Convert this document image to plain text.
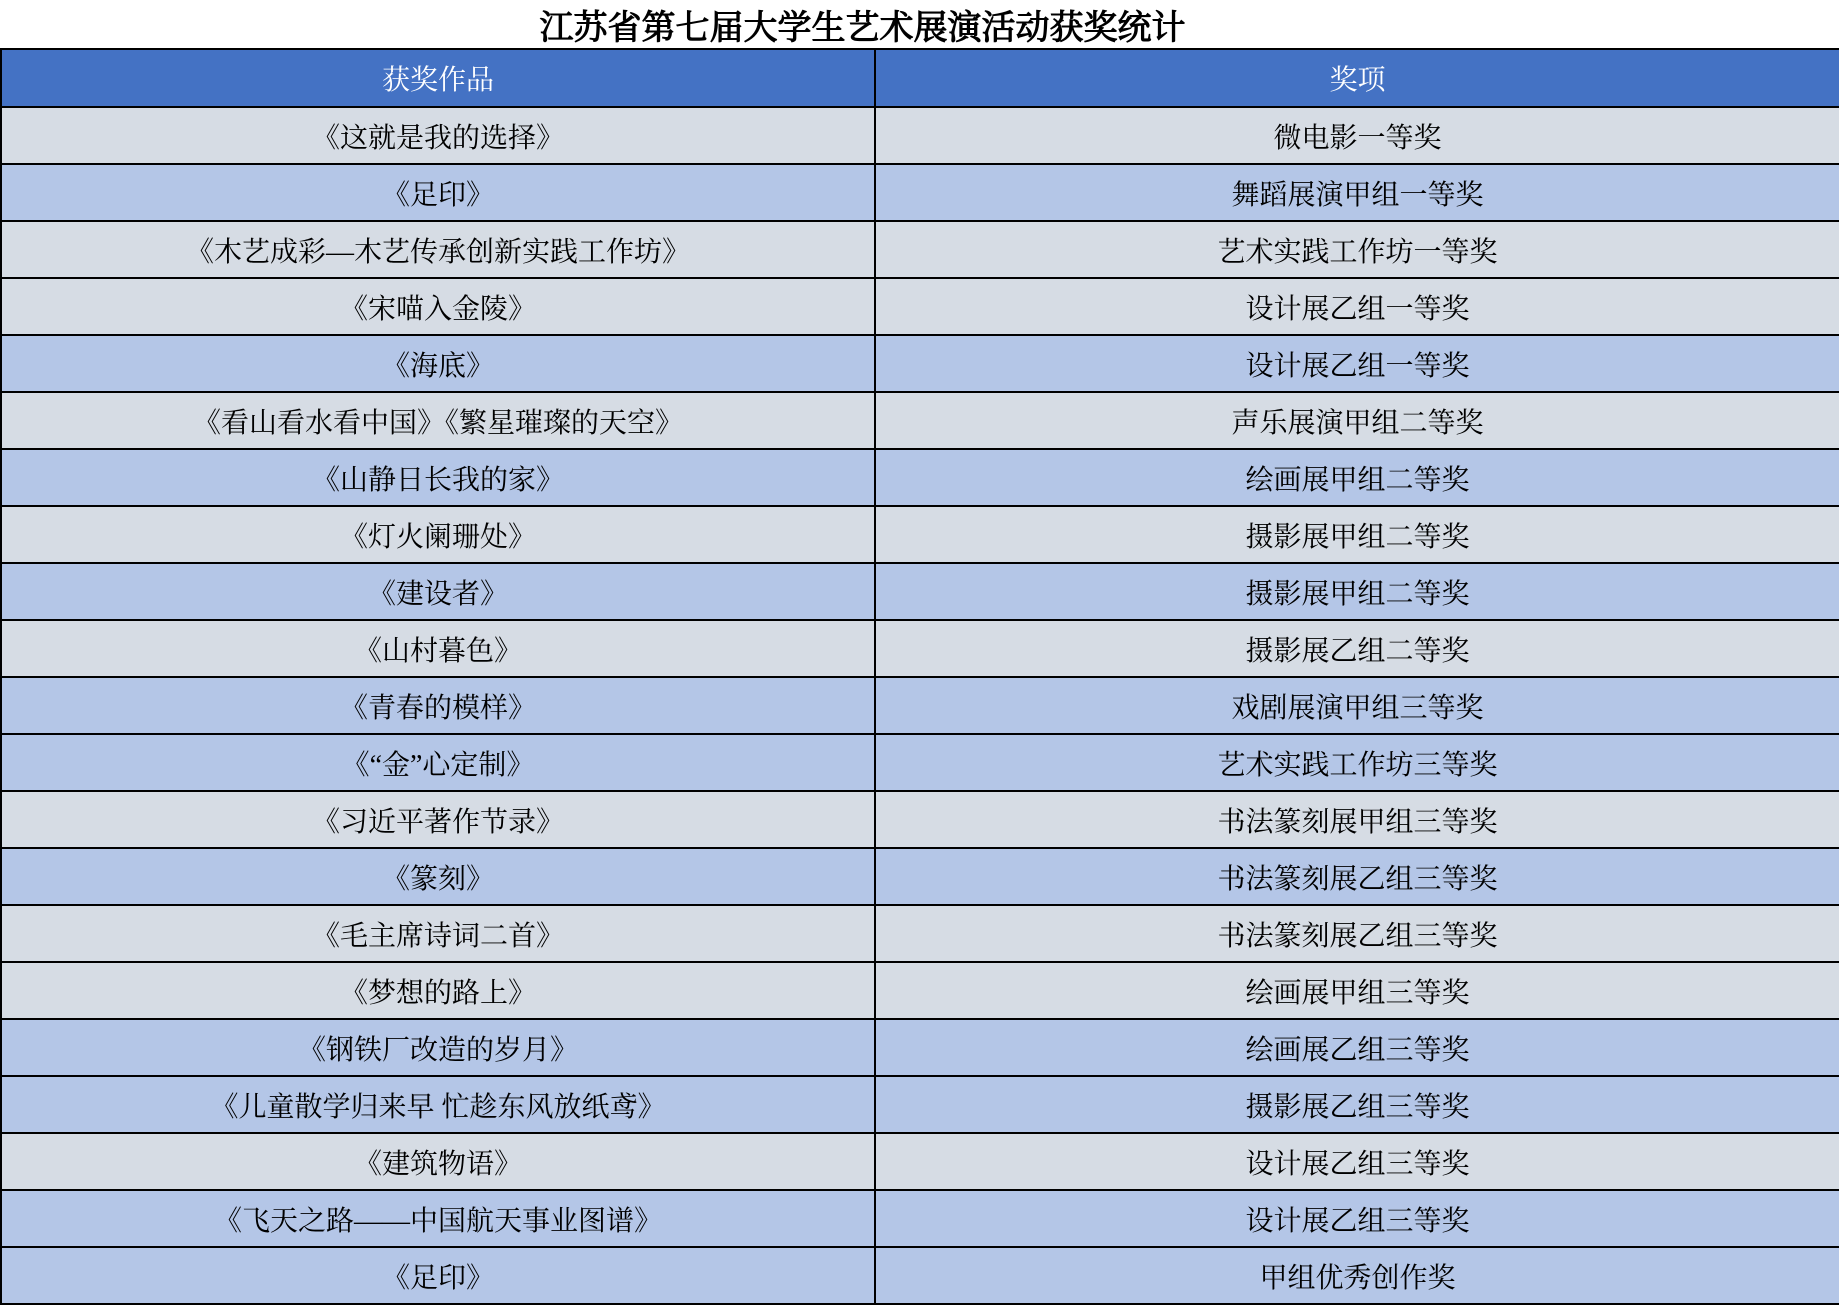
江苏省第七届大学生艺术展演活动获奖统计
获奖作品	奖项
《这就是我的选择》	微电影一等奖
《足印》	舞蹈展演甲组一等奖
《木艺成彩—木艺传承创新实践工作坊》	艺术实践工作坊一等奖
《宋喵入金陵》	设计展乙组一等奖
《海底》	设计展乙组一等奖
《看山看水看中国》《繁星璀璨的天空》	声乐展演甲组二等奖
《山静日长我的家》	绘画展甲组二等奖
《灯火阑珊处》	摄影展甲组二等奖
《建设者》	摄影展甲组二等奖
《山村暮色》	摄影展乙组二等奖
《青春的模样》	戏剧展演甲组三等奖
《“金”心定制》	艺术实践工作坊三等奖
《习近平著作节录》	书法篆刻展甲组三等奖
《篆刻》	书法篆刻展乙组三等奖
《毛主席诗词二首》	书法篆刻展乙组三等奖
《梦想的路上》	绘画展甲组三等奖
《钢铁厂改造的岁月》	绘画展乙组三等奖
《儿童散学归来早 忙趁东风放纸鸢》	摄影展乙组三等奖
《建筑物语》	设计展乙组三等奖
《飞天之路——中国航天事业图谱》	设计展乙组三等奖
《足印》	甲组优秀创作奖
